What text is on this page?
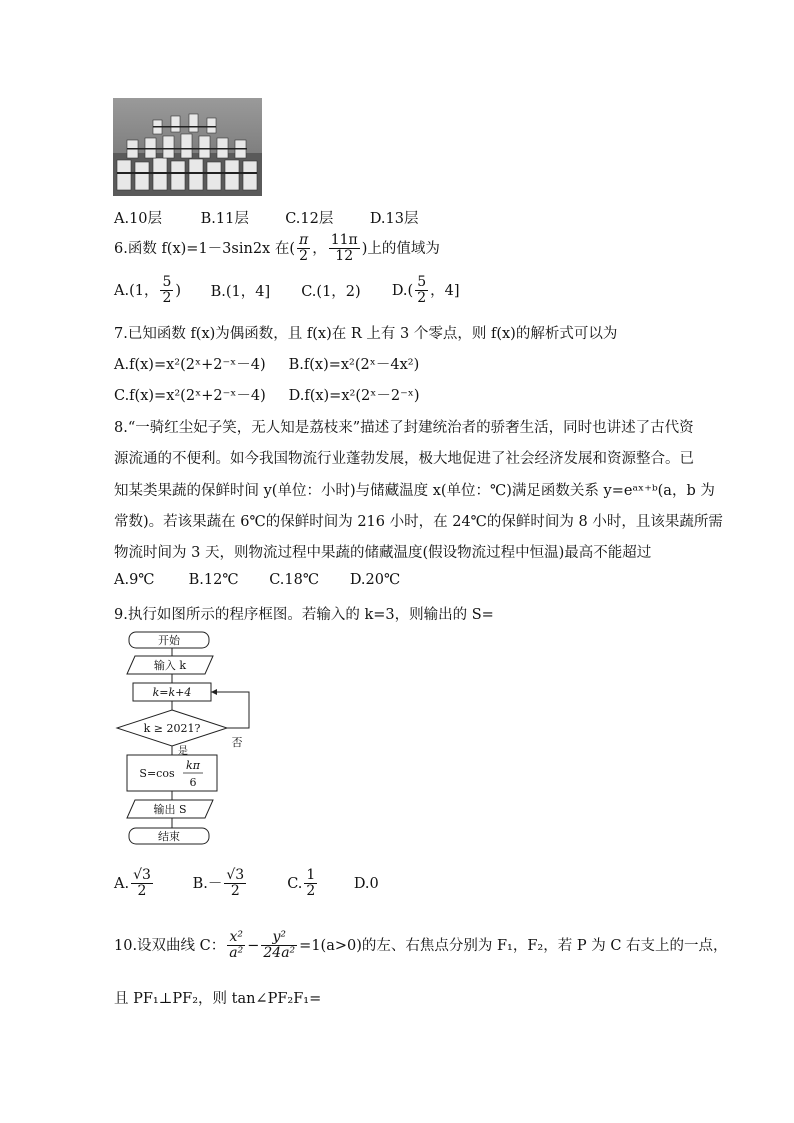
A.10层	B.11层	C.12层	D.13层
6.函数 f(x)=1－3sin2x 在( $\frac{\pi}{2}$ ， $\frac{11\pi}{12}$ )上的值域为
A.(1， $\frac{5}{2}$ ) B.(1，4] C.(1，2) $D.( \frac{5}{2}$ ，4]
7.已知函数 f(x)为偶函数，且 f(x)在 R 上有 3 个零点，则 f(x)的解析式可以为
A.f(x)=x²(2ˣ+2⁻ˣ－4) B.f(x)=x²(2ˣ－4x²)
C.f(x)=x²(2ˣ+2⁻ˣ－4) D.f(x)=x²(2ˣ－2⁻ˣ)
8.“一骑红尘妃子笑，无人知是荔枝来”描述了封建统治者的骄奢生活，同时也讲述了古代资
源流通的不便利。如今我国物流行业蓬勃发展，极大地促进了社会经济发展和资源整合。已
知某类果蔬的保鲜时间 y(单位：小时)与储藏温度 x(单位：℃)满足函数关系 y=eᵃˣ⁺ᵇ(a，b 为
常数)。若该果蔬在 6℃的保鲜时间为 216 小时，在 24℃的保鲜时间为 8 小时，且该果蔬所需
物流时间为 3 天，则物流过程中果蔬的储藏温度(假设物流过程中恒温)最高不能超过
A.9℃ B.12℃ C.18℃ D.20℃
9.执行如图所示的程序框图。若输入的 k=3，则输出的 S=
开始
输入 k
k=k+4
k ≥ 2021?
否
是
S=cos
kπ
6
输出 S
结束
A. $\frac{√3}{2}$	$B.- \frac{√3}{2}$	C. $\frac{1}{2}$	D.0
10.设双曲线 C： $\frac{\text{x²}}{\text{a²}} - \frac{\text{y²}}{\text{24a²}} =1(a>0)$的左、右焦点分别为 F₁，F₂，若 P 为 C 右支上的一点，
且 PF₁⊥PF₂，则 tan∠PF₂F₁=
